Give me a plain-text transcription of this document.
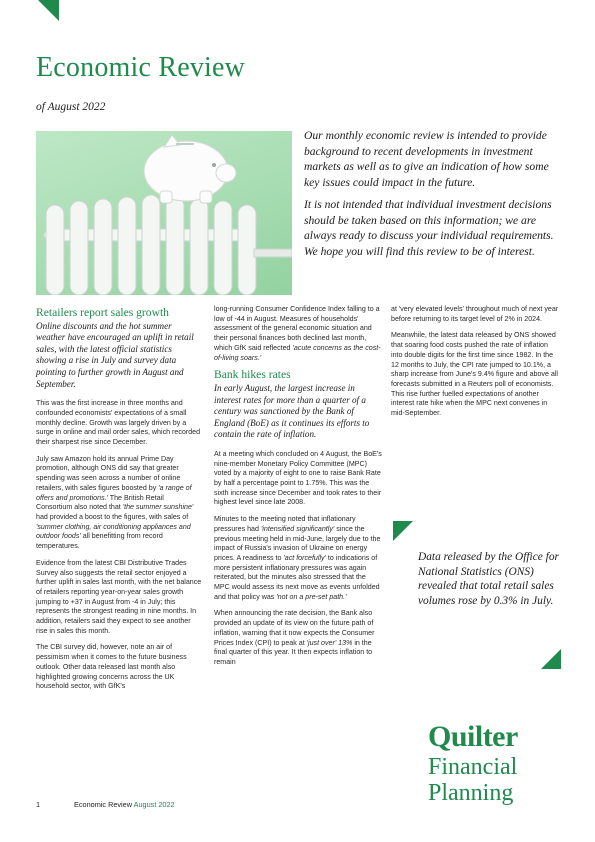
Economic Review
of August 2022

Our monthly economic review is intended to provide background to recent developments in investment markets as well as to give an indication of how some key issues could impact in the future.

It is not intended that individual investment decisions should be taken based on this information; we are always ready to discuss your individual requirements. We hope you will find this review to be of interest.

Retailers report sales growth

Online discounts and the hot summer weather have encouraged an uplift in retail sales, with the latest official statistics showing a rise in July and survey data pointing to further growth in August and September.

This was the first increase in three months and confounded economists' expectations of a small monthly decline. Growth was largely driven by a surge in online and mail order sales, which recorded their sharpest rise since December.

July saw Amazon hold its annual Prime Day promotion, although ONS did say that greater spending was seen across a number of online retailers, with sales figures boosted by 'a range of offers and promotions.' The British Retail Consortium also noted that 'the summer sunshine' had provided a boost to the figures, with sales of 'summer clothing, air conditioning appliances and outdoor foods' all benefitting from record temperatures.

Evidence from the latest CBI Distributive Trades Survey also suggests the retail sector enjoyed a further uplift in sales last month, with the net balance of retailers reporting year-on-year sales growth jumping to +37 in August from -4 in July; this represents the strongest reading in nine months. In addition, retailers said they expect to see another rise in sales this month.

The CBI survey did, however, note an air of pessimism when it comes to the future business outlook. Other data released last month also highlighted growing concerns across the UK household sector, with GfK's

long-running Consumer Confidence Index falling to a low of -44 in August. Measures of households' assessment of the general economic situation and their personal finances both declined last month, which GfK said reflected 'acute concerns as the cost-of-living soars.'

Bank hikes rates

In early August, the largest increase in interest rates for more than a quarter of a century was sanctioned by the Bank of England (BoE) as it continues its efforts to contain the rate of inflation.

At a meeting which concluded on 4 August, the BoE's nine-member Monetary Policy Committee (MPC) voted by a majority of eight to one to raise Bank Rate by half a percentage point to 1.75%. This was the sixth increase since December and took rates to their highest level since late 2008.

Minutes to the meeting noted that inflationary pressures had 'intensified significantly' since the previous meeting held in mid-June, largely due to the impact of Russia's invasion of Ukraine on energy prices. A readiness to 'act forcefully' to indications of more persistent inflationary pressures was again reiterated, but the minutes also stressed that the MPC would assess its next move as events unfolded and that policy was 'not on a pre-set path.'

When announcing the rate decision, the Bank also provided an update of its view on the future path of inflation, warning that it now expects the Consumer Prices Index (CPI) to peak at 'just over' 13% in the final quarter of this year. It then expects inflation to remain

at 'very elevated levels' throughout much of next year before returning to its target level of 2% in 2024.

Meanwhile, the latest data released by ONS showed that soaring food costs pushed the rate of inflation into double digits for the first time since 1982. In the 12 months to July, the CPI rate jumped to 10.1%, a sharp increase from June's 9.4% figure and above all forecasts submitted in a Reuters poll of economists. This rise further fuelled expectations of another interest rate hike when the MPC next convenes in mid-September.

Data released by the Office for National Statistics (ONS) revealed that total retail sales volumes rose by 0.3% in July.
Quilter
Financial
Planning
1	Economic Review August 2022
